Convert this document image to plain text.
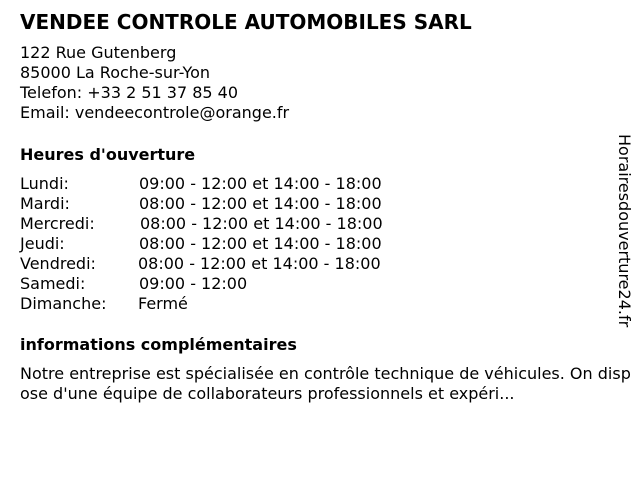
VENDEE CONTROLE AUTOMOBILES SARL
122 Rue Gutenberg
85000 La Roche-sur-Yon
Telefon: +33 2 51 37 85 40
Email: vendeecontrole@orange.fr
Heures d'ouverture
Lundi:	09:00 - 12:00 et 14:00 - 18:00
Mardi:	08:00 - 12:00 et 14:00 - 18:00
Mercredi:	08:00 - 12:00 et 14:00 - 18:00
Jeudi:	08:00 - 12:00 et 14:00 - 18:00
Vendredi:	08:00 - 12:00 et 14:00 - 18:00
Samedi:	09:00 - 12:00
Dimanche: Fermé
informations complémentaires
Notre entreprise est spécialisée en contrôle technique de véhicules. On dispose d'une équipe de collaborateurs professionnels et expéri...
Horairesdouverture24.fr
